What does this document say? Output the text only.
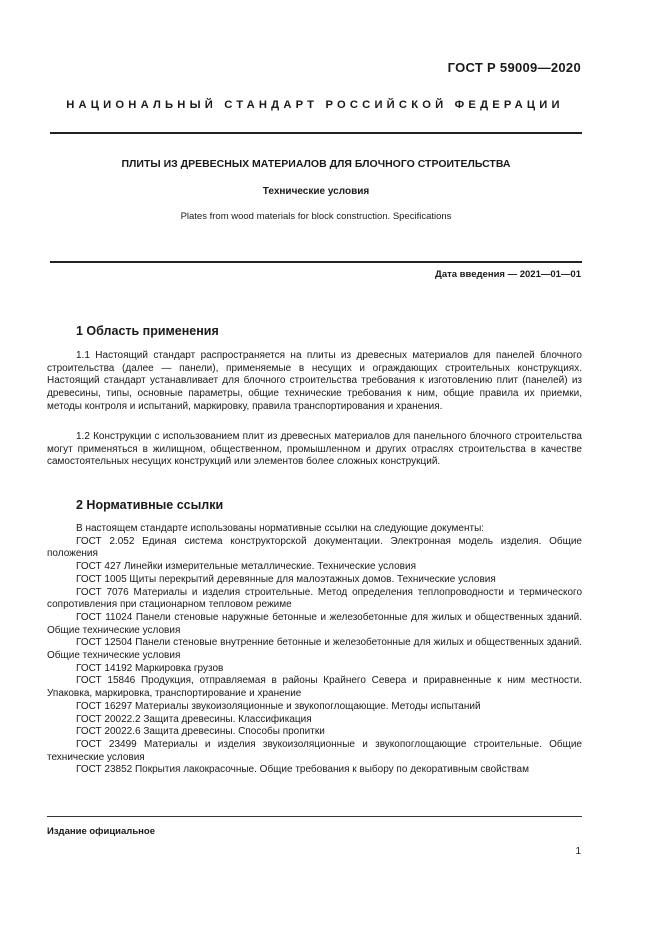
ГОСТ Р 59009—2020
НАЦИОНАЛЬНЫЙ СТАНДАРТ РОССИЙСКОЙ ФЕДЕРАЦИИ
ПЛИТЫ ИЗ ДРЕВЕСНЫХ МАТЕРИАЛОВ ДЛЯ БЛОЧНОГО СТРОИТЕЛЬСТВА
Технические условия
Plates from wood materials for block construction. Specifications
Дата введения — 2021—01—01
1 Область применения
1.1 Настоящий стандарт распространяется на плиты из древесных материалов для панелей блочного строительства (далее — панели), применяемые в несущих и ограждающих строительных конструкциях. Настоящий стандарт устанавливает для блочного строительства требования к изготовлению плит (панелей) из древесины, типы, основные параметры, общие технические требования к ним, общие правила их приемки, методы контроля и испытаний, маркировку, правила транспортирования и хранения.
1.2 Конструкции с использованием плит из древесных материалов для панельного блочного строительства могут применяться в жилищном, общественном, промышленном и других отраслях строительства в качестве самостоятельных несущих конструкций или элементов более сложных конструкций.
2 Нормативные ссылки

В настоящем стандарте использованы нормативные ссылки на следующие документы:

ГОСТ 2.052 Единая система конструкторской документации. Электронная модель изделия. Общие положения

ГОСТ 427 Линейки измерительные металлические. Технические условия

ГОСТ 1005 Щиты перекрытий деревянные для малоэтажных домов. Технические условия

ГОСТ 7076 Материалы и изделия строительные. Метод определения теплопроводности и термического сопротивления при стационарном тепловом режиме

ГОСТ 11024 Панели стеновые наружные бетонные и железобетонные для жилых и общественных зданий. Общие технические условия

ГОСТ 12504 Панели стеновые внутренние бетонные и железобетонные для жилых и общественных зданий. Общие технические условия

ГОСТ 14192 Маркировка грузов

ГОСТ 15846 Продукция, отправляемая в районы Крайнего Севера и приравненные к ним местности. Упаковка, маркировка, транспортирование и хранение

ГОСТ 16297 Материалы звукоизоляционные и звукопоглощающие. Методы испытаний

ГОСТ 20022.2 Защита древесины. Классификация

ГОСТ 20022.6 Защита древесины. Способы пропитки

ГОСТ 23499 Материалы и изделия звукоизоляционные и звукопоглощающие строительные. Общие технические условия

ГОСТ 23852 Покрытия лакокрасочные. Общие требования к выбору по декоративным свойствам

Издание официальное
1
